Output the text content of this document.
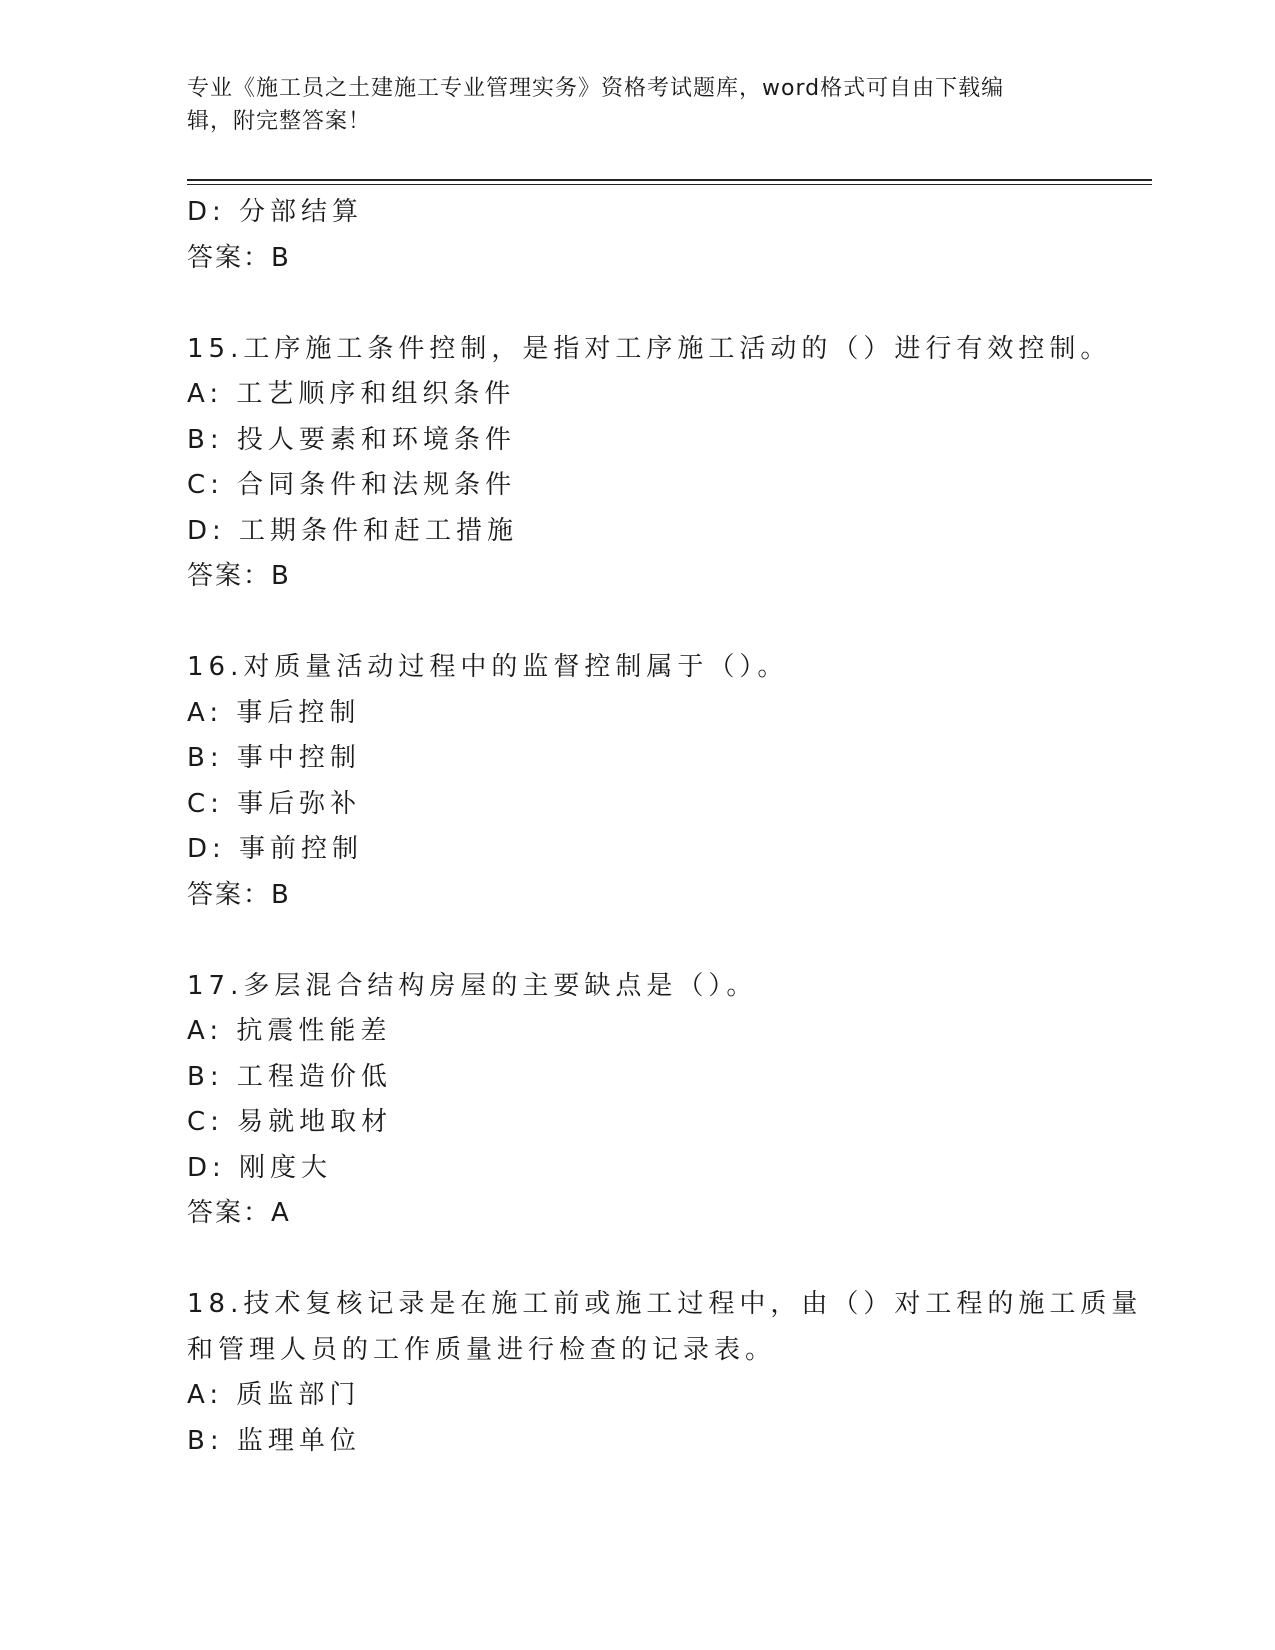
专业《施工员之土建施工专业管理实务》资格考试题库，word格式可自由下载编
辑，附完整答案！
D: 分部结算
答案：B
15.工序施工条件控制，是指对工序施工活动的（）进行有效控制。
A: 工艺顺序和组织条件
B: 投人要素和环境条件
C: 合同条件和法规条件
D: 工期条件和赶工措施
答案：B
16.对质量活动过程中的监督控制属于（）。
A: 事后控制
B: 事中控制
C: 事后弥补
D: 事前控制
答案：B
17.多层混合结构房屋的主要缺点是（）。
A: 抗震性能差
B: 工程造价低
C: 易就地取材
D: 刚度大
答案：A
18.技术复核记录是在施工前或施工过程中，由（）对工程的施工质量
和管理人员的工作质量进行检查的记录表。
A: 质监部门
B: 监理单位
